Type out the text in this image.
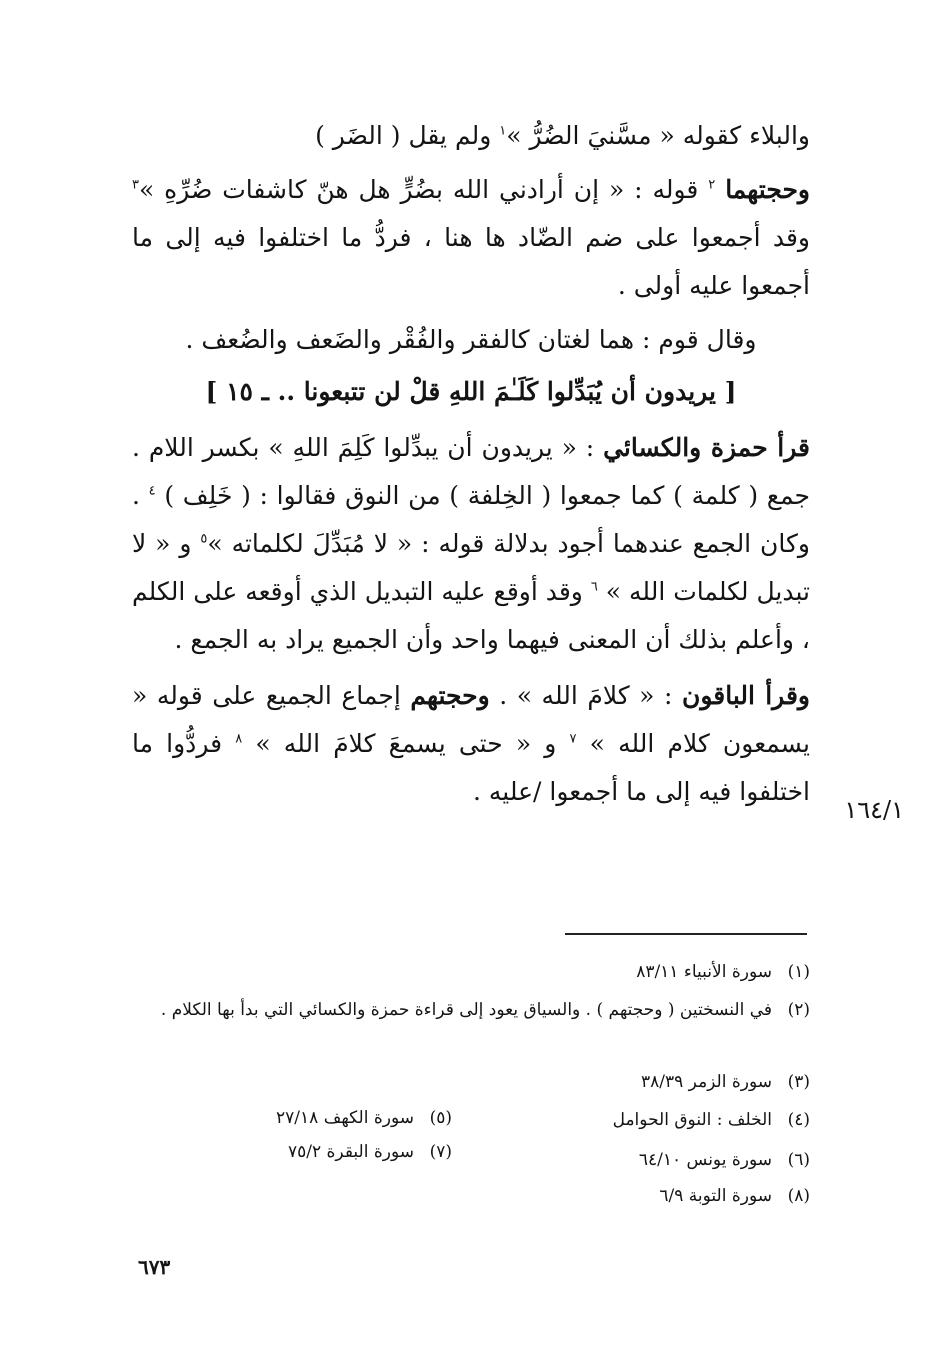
والبلاء كقوله « مسَّنيَ الضُرُّ »$^١$ ولم يقل ( الضَر )

وحجتهما $^٢$ قوله : « إن أرادني الله بضُرٍّ هل هنّ كاشفات ضُرِّهِ »$^٣$ وقد أجمعوا على ضم الضّاد ها هنا ، فردُّ ما اختلفوا فيه إلى ما أجمعوا عليه أولى .

وقال قوم : هما لغتان كالفقر والفُقْر والضَعف والضُعف .

[ يريدون أن يُبَدِّلوا كَلَـٰمَ اللهِ قلْ لن تتبعونا .. ـ ١٥ ]

قرأ حمزة والكسائي : « يريدون أن يبدِّلوا كَلِمَ اللهِ » بكسر اللام . جمع ( كلمة ) كما جمعوا ( الخِلفة ) من النوق فقالوا : ( خَلِف ) $^٤$ . وكان الجمع عندهما أجود بدلالة قوله : « لا مُبَدِّلَ لكلماته »$^٥$ و « لا تبديل لكلمات الله » $^٦$ وقد أوقع عليه التبديل الذي أوقعه على الكلم ، وأعلم بذلك أن المعنى فيهما واحد وأن الجميع يراد به الجمع .

وقرأ الباقون : « كلامَ الله » . وحجتهم إجماع الجميع على قوله « يسمعون كلام الله » $^٧$ و « حتى يسمعَ كلامَ الله » $^٨$ فردُّوا ما اختلفوا فيه إلى ما أجمعوا /عليه .

١٦٤/١
(١)سورة الأنبياء ٨٣/١١
(٢)في النسختين ( وحجتهم ) . والسياق يعود إلى قراءة حمزة والكسائي التي بدأ بها الكلام .
(٣)سورة الزمر ٣٨/٣٩
(٤)الخلف : النوق الحوامل
(٥)سورة الكهف ٢٧/١٨
(٦)سورة يونس ٦٤/١٠
(٧)سورة البقرة ٧٥/٢
(٨)سورة التوبة ٦/٩
٦٧٣
